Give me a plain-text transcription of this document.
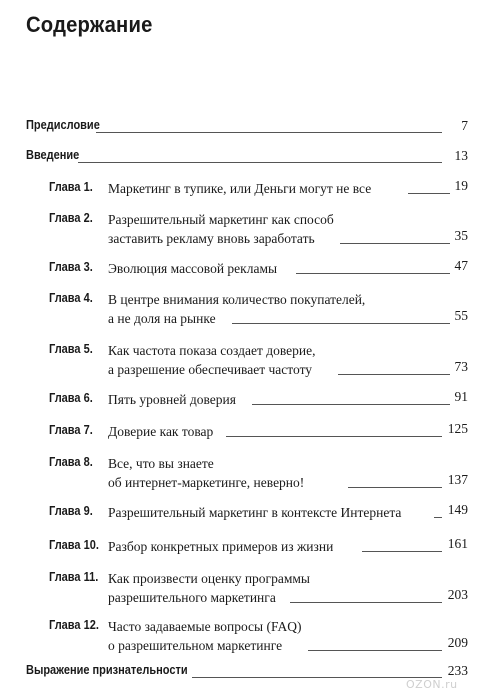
Содержание
Предисловие	7
Введение	13
Глава 1. Маркетинг в тупике, или Деньги могут не все	19
Глава 2. Разрешительный маркетинг как способ
заставить рекламу вновь заработать	35
Глава 3. Эволюция массовой рекламы	47
Глава 4. В центре внимания количество покупателей,
а не доля на рынке	55
Глава 5. Как частота показа создает доверие,
а разрешение обеспечивает частоту	73
Глава 6. Пять уровней доверия	91
Глава 7. Доверие как товар	125
Глава 8. Все, что вы знаете
об интернет-маркетинге, неверно!	137
Глава 9. Разрешительный маркетинг в контексте Интернета	149
Глава 10. Разбор конкретных примеров из жизни	161
Глава 11. Как произвести оценку программы
разрешительного маркетинга	203
Глава 12. Часто задаваемые вопросы (FAQ)
о разрешительном маркетинге	209
Выражение признательности	233
OZON.ru
